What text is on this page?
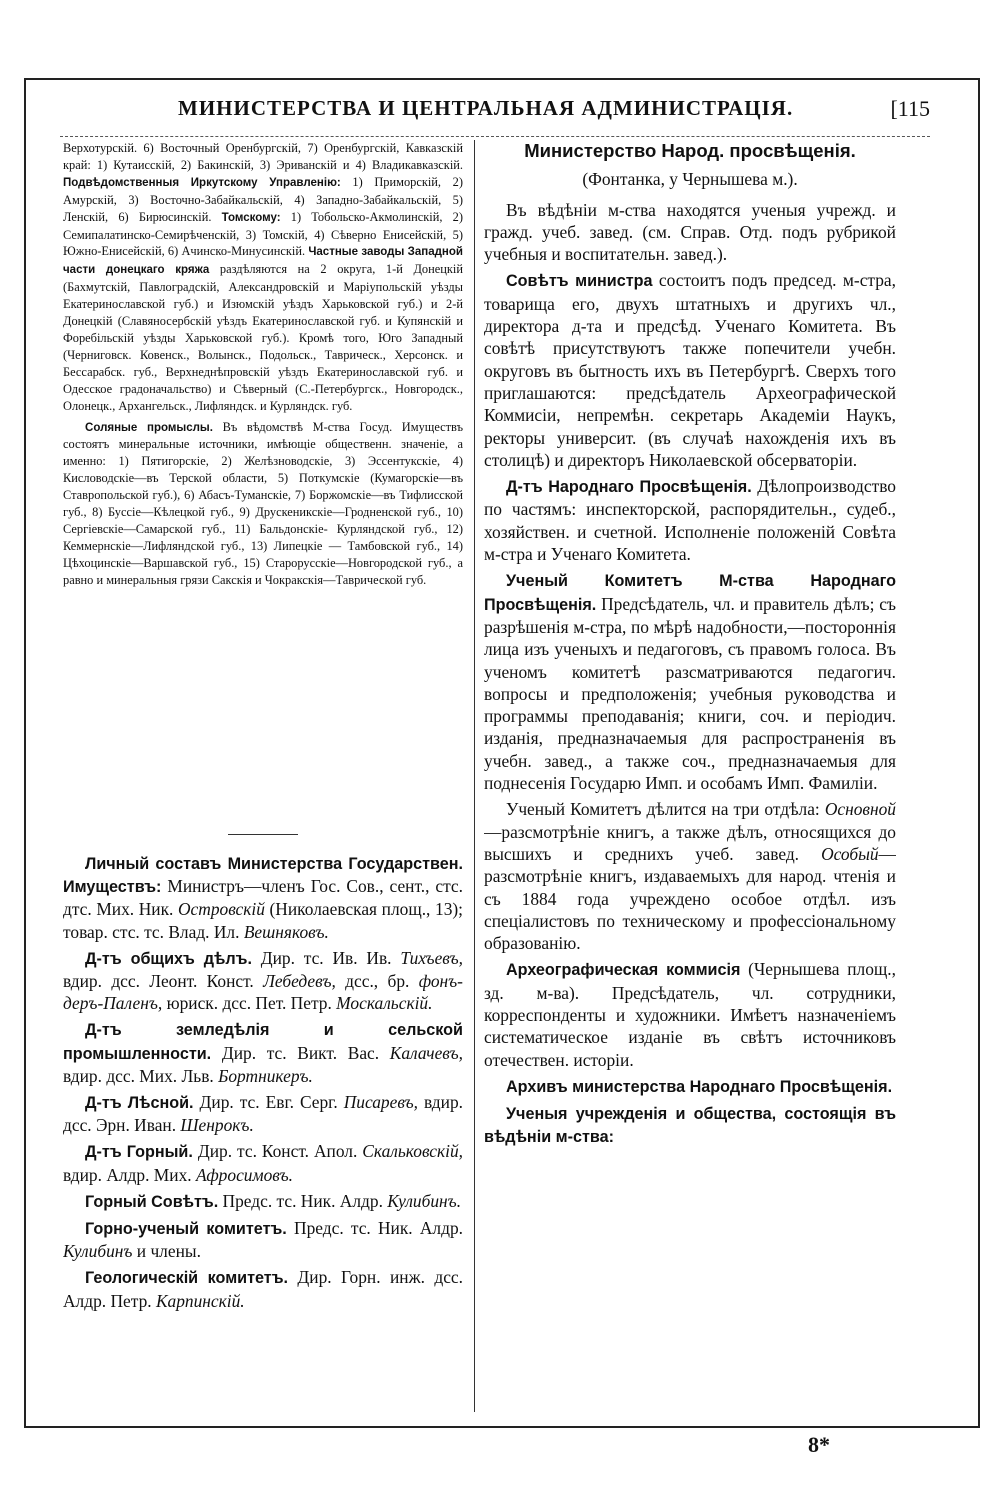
МИНИСТЕРСТВА И ЦЕНТРАЛЬНАЯ АДМИНИСТРАЦІЯ.	[115

Верхотурскій. 6) Восточный Оренбургскій, 7) Оренбургскій, Кавказскій край: 1) Кутаисскій, 2) Бакинскій, 3) Эриванскій и 4) Владикавказскій. Подвѣдомственныя Иркутскому Управленію: 1) Приморскій, 2) Амурскій, 3) Восточно-Забайкальскій, 4) Западно-Забайкальскій, 5) Ленскій, 6) Бирюсинскій. Томскому: 1) Тобольско-Акмолинскій, 2) Семипалатинско-Семирѣченскій, 3) Томскій, 4) Сѣверно Енисейскій, 5) Южно-Енисейскій, 6) Ачинско-Минусинскій. Частные заводы Западной части донецкаго кряжа раздѣляются на 2 округа, 1-й Донецкій (Бахмутскій, Павлоградскій, Александровскій и Маріупольскій уѣзды Екатеринославской губ.) и Изюмскій уѣздъ Харьковской губ.) и 2-й Донецкій (Славяносербскій уѣздъ Екатеринославской губ. и Купянскій и Форебільскій уѣзды Харьковской губ.). Кромѣ того, Юго Западный (Черниговск. Ковенск., Волынск., Подольск., Таврическ., Херсонск. и Бессарабск. губ., Верхнеднѣпровскій уѣздъ Екатеринославской губ. и Одесское градоначальство) и Сѣверный (С.-Петербургск., Новгородск., Олонецк., Архангельск., Лифляндск. и Курляндск. губ.

Соляные промыслы. Въ вѣдомствѣ М-ства Госуд. Имуществъ состоятъ минеральные источники, имѣющіе общественн. значеніе, а именно: 1) Пятигорскіе, 2) Желѣзноводскіе, 3) Эссентукскіе, 4) Кисловодскіе—въ Терской области, 5) Поткумскіе (Кумагорскіе—въ Ставропольской губ.), 6) Абасъ-Туманскіе, 7) Боржомскіе—въ Тифлисской губ., 8) Буссіе—Кѣлецкой губ., 9) Друскеникскіе—Гродненской губ., 10) Сергіевскіе—Самарской губ., 11) Бальдонскіе- Курляндской губ., 12) Кеммернскіе—Лифляндской губ., 13) Липецкіе — Тамбовской губ., 14) Цѣхоцинскіе—Варшавской губ., 15) Старорусскіе—Новгородской губ., а равно и минеральныя грязи Сакскія и Чокракскія—Таврической губ.

Личный составъ Министерства Государствен. Имуществъ: Министръ—членъ Гос. Сов., сент., стс. дтс. Мих. Ник. Островскій (Николаевская площ., 13); товар. стс. тс. Влад. Ил. Вешняковъ.

Д-тъ общихъ дѣлъ. Дир. тс. Ив. Ив. Тихъевъ, вдир. дсс. Леонт. Конст. Лебедевъ, дсс., бр. фонъ-деръ-Паленъ, юриск. дсс. Пет. Петр. Москальскій.

Д-тъ земледѣлія и сельской промышленности. Дир. тс. Викт. Вас. Калачевъ, вдир. дсс. Мих. Льв. Бортникеръ.

Д-тъ Лѣсной. Дир. тс. Евг. Серг. Писаревъ, вдир. дсс. Эрн. Иван. Шенрокъ.

Д-тъ Горный. Дир. тс. Конст. Апол. Скальковскій, вдир. Алдр. Мих. Афросимовъ.

Горный Совѣтъ. Предс. тс. Ник. Алдр. Кулибинъ.

Горно-ученый комитетъ. Предс. тс. Ник. Алдр. Кулибинъ и члены.

Геологическій комитетъ. Дир. Горн. инж. дсс. Алдр. Петр. Карпинскій.

Министерство Народ. просвѣщенія.

(Фонтанка, у Чернышева м.).

Въ вѣдѣніи м-ства находятся ученыя учрежд. и гражд. учеб. завед. (см. Справ. Отд. подъ рубрикой учебныя и воспитательн. завед.).

Совѣтъ министра состоитъ подъ председ. м-стра, товарища его, двухъ штатныхъ и другихъ чл., директора д-та и предсѣд. Ученаго Комитета. Въ совѣтѣ присутствуютъ также попечители учебн. округовъ въ бытность ихъ въ Петербургѣ. Сверхъ того приглашаются: предсѣдатель Археографической Коммисіи, непремѣн. секретарь Академіи Наукъ, ректоры университ. (въ случаѣ нахожденія ихъ въ столицѣ) и директоръ Николаевской обсерваторіи.

Д-тъ Народнаго Просвѣщенія. Дѣлопроизводство по частямъ: инспекторской, распорядительн., судеб., хозяйствен. и счетной. Исполненіе положеній Совѣта м-стра и Ученаго Комитета.

Ученый Комитетъ М-ства Народнаго Просвѣщенія. Предсѣдатель, чл. и правитель дѣлъ; съ разрѣшенія м-стра, по мѣрѣ надобности,—постороннія лица изъ ученыхъ и педагоговъ, съ правомъ голоса. Въ ученомъ комитетѣ разсматриваются педагогич. вопросы и предположенія; учебныя руководства и программы преподаванія; книги, соч. и періодич. изданія, предназначаемыя для распространенія въ учебн. завед., а также соч., предназначаемыя для поднесенія Государю Имп. и особамъ Имп. Фамиліи.

Ученый Комитетъ дѣлится на три отдѣла: Основной—разсмотрѣніе книгъ, а также дѣлъ, относящихся до высшихъ и среднихъ учеб. завед. Особый—разсмотрѣніе книгъ, издаваемыхъ для народ. чтенія и съ 1884 года учреждено особое отдѣл. изъ спеціалистовъ по техническому и профессіональному образованію.

Археографическая коммисія (Чернышева площ., зд. м-ва). Предсѣдатель, чл. сотрудники, корреспонденты и художники. Имѣетъ назначеніемъ систематическое изданіе въ свѣтъ источниковъ отечествен. исторіи.

Архивъ министерства Народнаго Просвѣщенія.

Ученыя учрежденія и общества, состоящія въ вѣдѣніи м-ства:

8*
